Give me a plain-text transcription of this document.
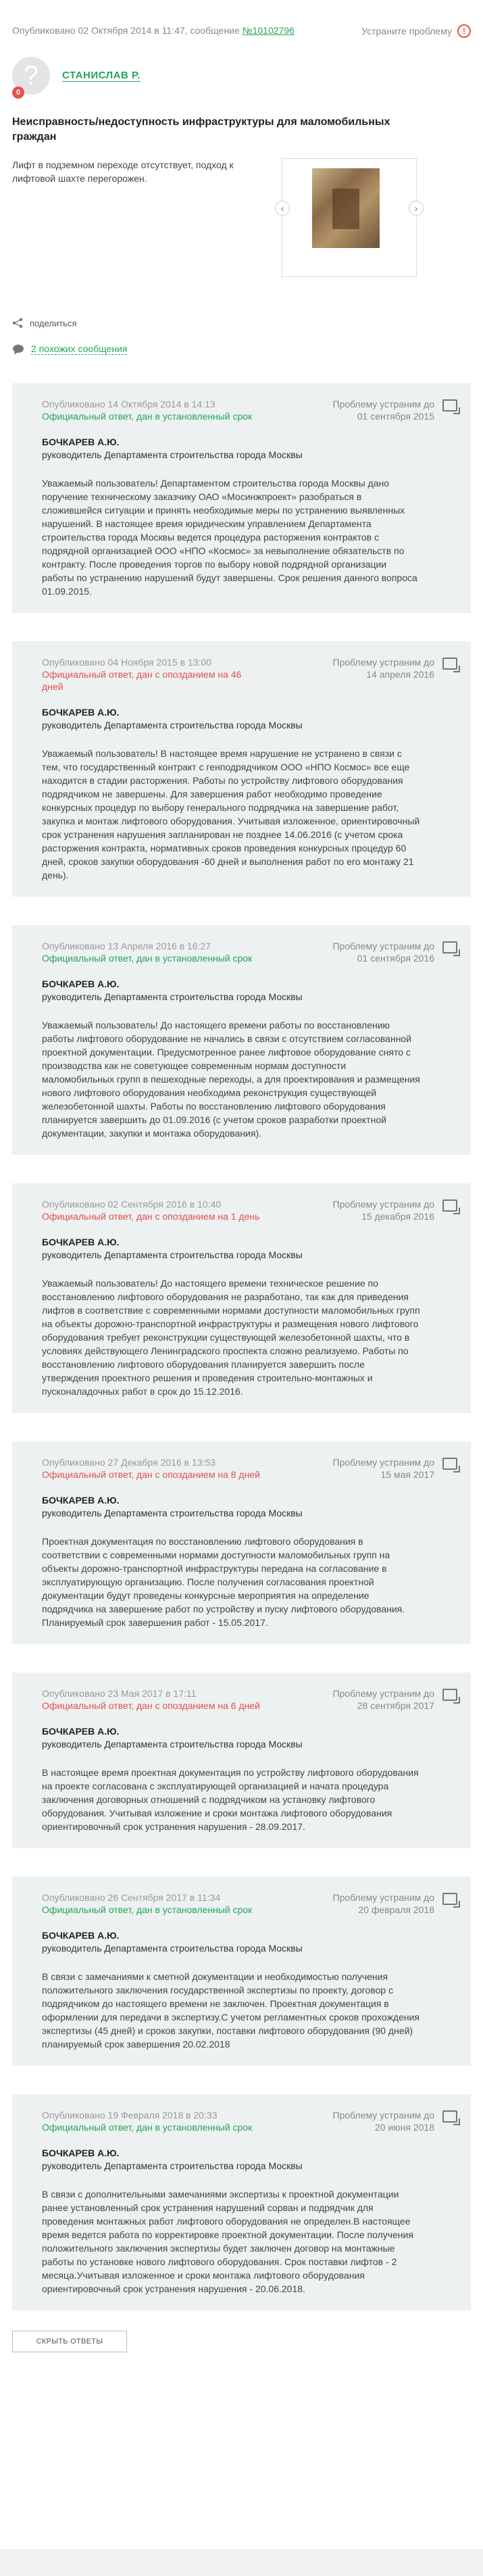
Опубликовано 02 Октября 2014 в 11:47, сообщение №10102796	Устраните проблему	!
?
0
СТАНИСЛАВ Р.
Неисправность/недоступность инфраструктуры для маломобильных граждан
Лифт в подземном переходе отсутствует, подход к лифтовой шахте перегорожен.
‹	›
поделиться
2 похожих сообщения
Опубликовано 14 Октября 2014 в 14:13
Официальный ответ, дан в установленный срок
Проблему устраним до 01 сентября 2015
БОЧКАРЕВ А.Ю.
руководитель Департамента строительства города Москвы
Уважаемый пользователь! Департаментом строительства города Москвы дано поручение техническому заказчику ОАО «Мосинжпроект» разобраться в сложившейся ситуации и принять необходимые меры по устранению выявленных нарушений. В настоящее время юридическим управлением Департамента строительства города Москвы ведется процедура расторжения контрактов с подрядной организацией ООО «НПО «Космос» за невыполнение обязательств по контракту. После проведения торгов по выбору новой подрядной организации работы по устранению нарушений будут завершены. Срок решения данного вопроса 01.09.2015.
Опубликовано 04 Ноября 2015 в 13:00
Официальный ответ, дан с опозданием на 46 дней
Проблему устраним до 14 апреля 2016
БОЧКАРЕВ А.Ю.
руководитель Департамента строительства города Москвы
Уважаемый пользователь! В настоящее время нарушение не устранено в связи с тем, что государственный контракт с генподрядчиком ООО «НПО Космос» все еще находится в стадии расторжения. Работы по устройству лифтового оборудования подрядчиком не завершены. Для завершения работ необходимо проведение конкурсных процедур по выбору генерального подрядчика на завершение работ, закупка и монтаж лифтового оборудования. Учитывая изложенное, ориентировочный срок устранения нарушения запланирован не позднее 14.06.2016 (с учетом срока расторжения контракта, нормативных сроков проведения конкурсных процедур 60 дней, сроков закупки оборудования -60 дней и выполнения работ по его монтажу 21 день).
Опубликовано 13 Апреля 2016 в 16:27
Официальный ответ, дан в установленный срок
Проблему устраним до 01 сентября 2016
БОЧКАРЕВ А.Ю.
руководитель Департамента строительства города Москвы
Уважаемый пользователь! До настоящего времени работы по восстановлению работы лифтового оборудование не начались в связи с отсутствием согласованной проектной документации. Предусмотренное ранее лифтовое оборудование снято с производства как не советующее современным нормам доступности маломобильных групп в пешеходные переходы, а для проектирования и размещения нового лифтового оборудования необходима реконструкция существующей железобетонной шахты. Работы по восстановлению лифтового оборудования планируется завершить до 01.09.2016 (с учетом сроков разработки проектной документации, закупки и монтажа оборудования).
Опубликовано 02 Сентября 2016 в 10:40
Официальный ответ, дан с опозданием на 1 день
Проблему устраним до 15 декабря 2016
БОЧКАРЕВ А.Ю.
руководитель Департамента строительства города Москвы
Уважаемый пользователь! До настоящего времени техническое решение по восстановлению лифтового оборудования не разработано, так как для приведения лифтов в соответствие с современными нормами доступности маломобильных групп на объекты дорожно-транспортной инфраструктуры и размещения нового лифтового оборудования требует реконструкции существующей железобетонной шахты, что в условиях действующего Ленинградского проспекта сложно реализуемо. Работы по восстановлению лифтового оборудования планируется завершить после утверждения проектного решения и проведения строительно-монтажных и пусконаладочных работ в срок до 15.12.2016.
Опубликовано 27 Декабря 2016 в 13:53
Официальный ответ, дан с опозданием на 8 дней
Проблему устраним до 15 мая 2017
БОЧКАРЕВ А.Ю.
руководитель Департамента строительства города Москвы
Проектная документация по восстановлению лифтового оборудования в соответствии с современными нормами доступности маломобильных групп на объекты дорожно-транспортной инфраструктуры передана на согласование в эксплуатирующую организацию. После получения согласования проектной документации будут проведены конкурсные мероприятия на определение подрядчика на завершение работ по устройству и пуску лифтового оборудования. Планируемый срок завершения работ - 15.05.2017.
Опубликовано 23 Мая 2017 в 17:11
Официальный ответ, дан с опозданием на 6 дней
Проблему устраним до 28 сентября 2017
БОЧКАРЕВ А.Ю.
руководитель Департамента строительства города Москвы
В настоящее время проектная документация по устройству лифтового оборудования на проекте согласована с эксплуатирующей организацией и начата процедура заключения договорных отношений с подрядчиком на установку лифтового оборудования. Учитывая изложение и сроки монтажа лифтового оборудования ориентировочный срок устранения нарушения - 28.09.2017.
Опубликовано 26 Сентября 2017 в 11:34
Официальный ответ, дан в установленный срок
Проблему устраним до 20 февраля 2018
БОЧКАРЕВ А.Ю.
руководитель Департамента строительства города Москвы
В связи с замечаниями к сметной документации и необходимостью получения положительного заключения государственной экспертизы по проекту, договор с подрядчиком до настоящего времени не заключен. Проектная документация в оформлении для передачи в экспертизу.С учетом регламентных сроков прохождения экспертизы (45 дней) и сроков закупки, поставки лифтового оборудования (90 дней) планируемый срок завершения 20.02.2018
Опубликовано 19 Февраля 2018 в 20:33
Официальный ответ, дан в установленный срок
Проблему устраним до 20 июня 2018
БОЧКАРЕВ А.Ю.
руководитель Департамента строительства города Москвы
В связи с дополнительными замечаниями экспертизы к проектной документации ранее установленный срок устранения нарушений сорван и подрядчик для проведения монтажных работ лифтового оборудования не определен.В настоящее время ведется работа по корректировке проектной документации. После получения положительного заключения экспертизы будет заключен договор на монтажные работы по установке нового лифтового оборудования. Срок поставки лифтов - 2 месяца.Учитывая изложенное и сроки монтажа лифтового оборудования ориентировочный срок устранения нарушения - 20.06.2018.
СКРЫТЬ ОТВЕТЫ
